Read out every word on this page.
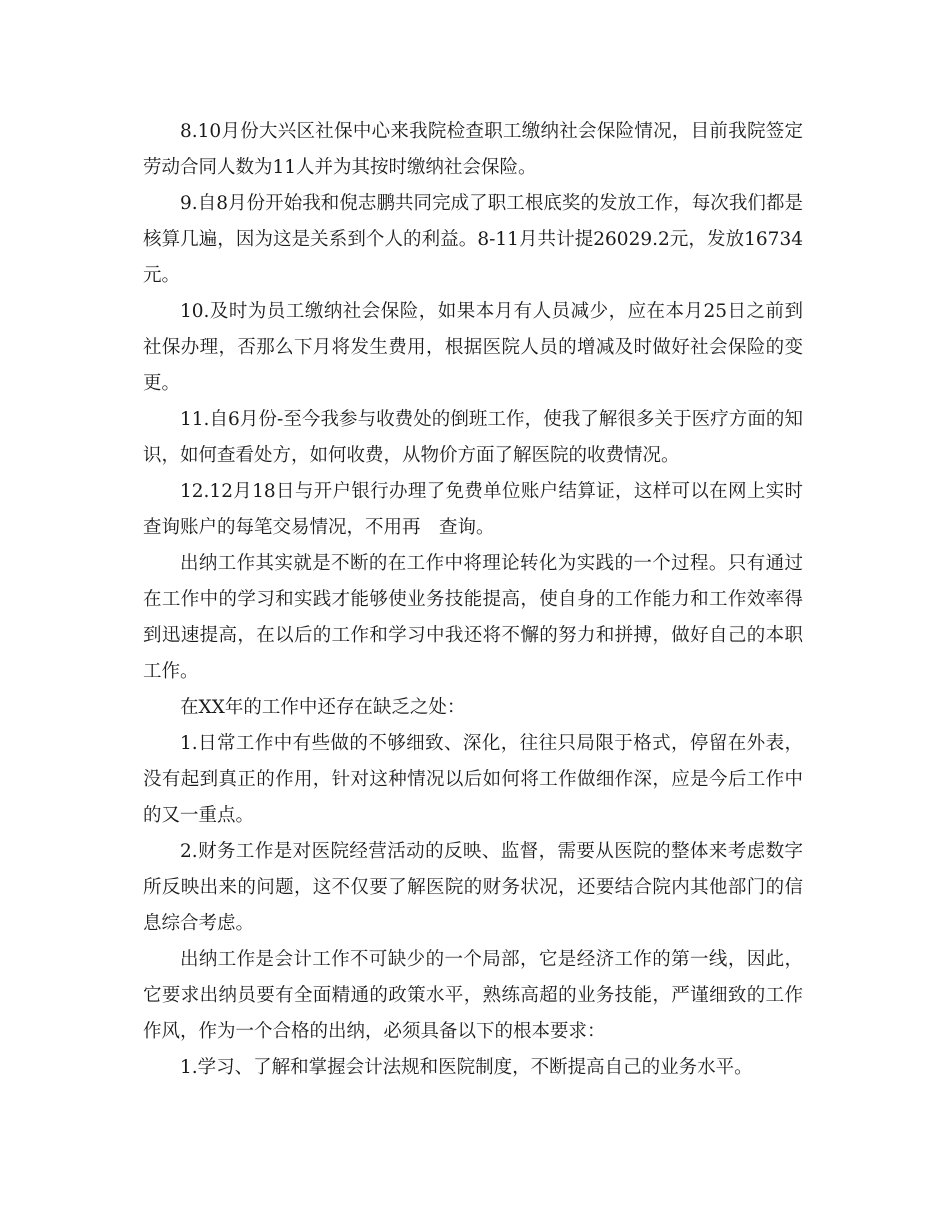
8.10月份大兴区社保中心来我院检查职工缴纳社会保险情况，目前我院签定劳动合同人数为11人并为其按时缴纳社会保险。

9.自8月份开始我和倪志鹏共同完成了职工根底奖的发放工作，每次我们都是核算几遍，因为这是关系到个人的利益。8-11月共计提26029.2元，发放16734元。

10.及时为员工缴纳社会保险，如果本月有人员减少，应在本月25日之前到社保办理，否那么下月将发生费用，根据医院人员的增减及时做好社会保险的变更。

11.自6月份-至今我参与收费处的倒班工作，使我了解很多关于医疗方面的知识，如何查看处方，如何收费，从物价方面了解医院的收费情况。

12.12月18日与开户银行办理了免费单位账户结算证，这样可以在网上实时查询账户的每笔交易情况，不用再　查询。

出纳工作其实就是不断的在工作中将理论转化为实践的一个过程。只有通过在工作中的学习和实践才能够使业务技能提高，使自身的工作能力和工作效率得到迅速提高，在以后的工作和学习中我还将不懈的努力和拼搏，做好自己的本职工作。

在XX年的工作中还存在缺乏之处：

1.日常工作中有些做的不够细致、深化，往往只局限于格式，停留在外表，没有起到真正的作用，针对这种情况以后如何将工作做细作深，应是今后工作中的又一重点。

2.财务工作是对医院经营活动的反映、监督，需要从医院的整体来考虑数字所反映出来的问题，这不仅要了解医院的财务状况，还要结合院内其他部门的信息综合考虑。

出纳工作是会计工作不可缺少的一个局部，它是经济工作的第一线，因此，它要求出纳员要有全面精通的政策水平，熟练高超的业务技能，严谨细致的工作作风，作为一个合格的出纳，必须具备以下的根本要求：

1.学习、了解和掌握会计法规和医院制度，不断提高自己的业务水平。
